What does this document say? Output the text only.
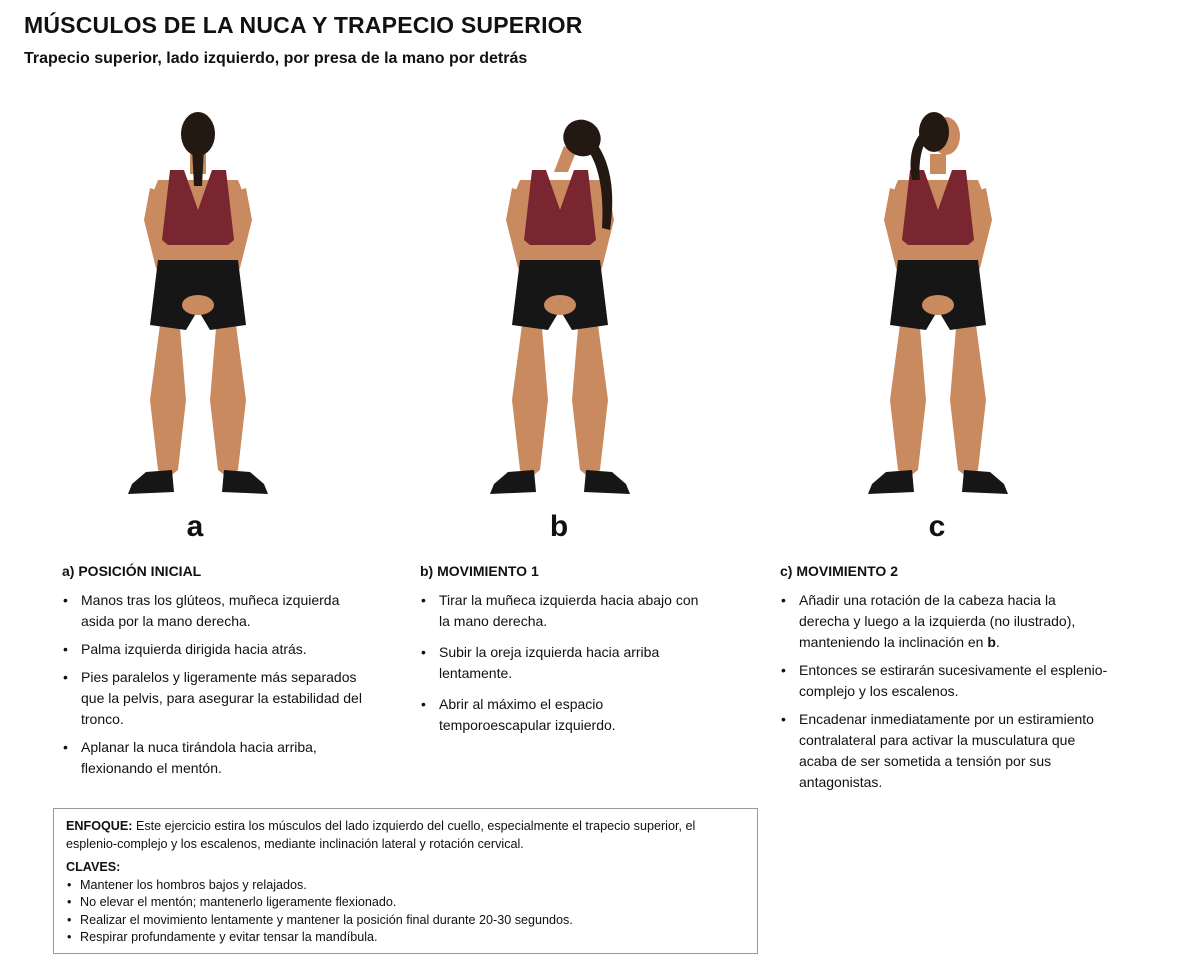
MÚSCULOS DE LA NUCA Y TRAPECIO SUPERIOR
Trapecio superior, lado izquierdo, por presa de la mano por detrás
a	b	c
a) POSICIÓN INICIAL
• Manos tras los glúteos, muñeca izquierda asida por la mano derecha.
• Palma izquierda dirigida hacia atrás.
• Pies paralelos y ligeramente más separados que la pelvis, para asegurar la estabilidad del tronco.
• Aplanar la nuca tirándola hacia arriba, flexionando el mentón.
b) MOVIMIENTO 1
• Tirar la muñeca izquierda hacia abajo con la mano derecha.
• Subir la oreja izquierda hacia arriba lentamente.
• Abrir al máximo el espacio temporoescapular izquierdo.
c) MOVIMIENTO 2
• Añadir una rotación de la cabeza hacia la derecha y luego a la izquierda (no ilustrado), manteniendo la inclinación en b.
• Entonces se estirarán sucesivamente el esplenio-complejo y los escalenos.
• Encadenar inmediatamente por un estiramiento contralateral para activar la musculatura que acaba de ser sometida a tensión por sus antagonistas.
ENFOQUE: Este ejercicio estira los músculos del lado izquierdo del cuello, especialmente el trapecio superior, el esplenio-complejo y los escalenos, mediante inclinación lateral y rotación cervical.
CLAVES:
• Mantener los hombros bajos y relajados.
• No elevar el mentón; mantenerlo ligeramente flexionado.
• Realizar el movimiento lentamente y mantener la posición final durante 20-30 segundos.
• Respirar profundamente y evitar tensar la mandíbula.
